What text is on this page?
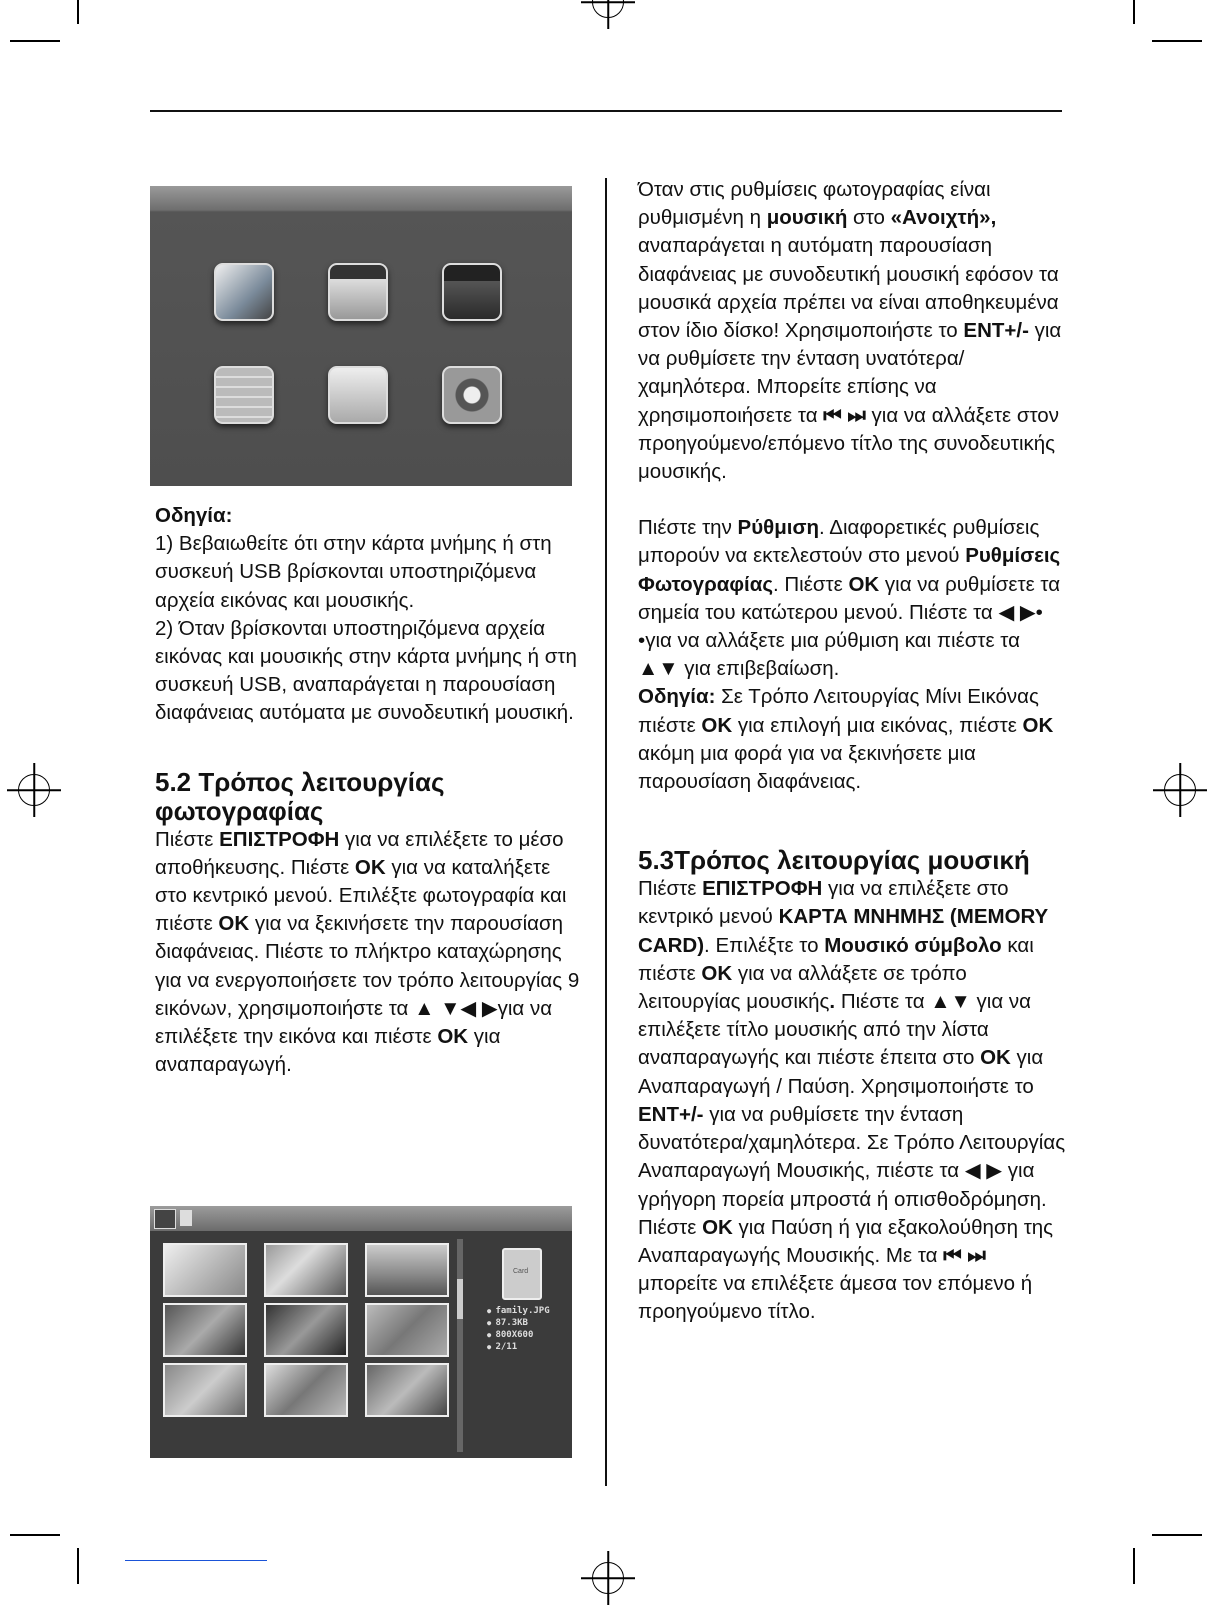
Οδηγία:

1) Βεβαιωθείτε ότι στην κάρτα μνήμης ή στη συσκευή USB βρίσκονται υποστηριζόμενα αρχεία εικόνας και μουσικής.

2) Όταν βρίσκονται υποστηριζόμενα αρχεία εικόνας και μουσικής στην κάρτα μνήμης ή στη συσκευή USB, αναπαράγεται η παρουσίαση διαφάνειας αυτόματα με συνοδευτική μουσική.

5.2 Τρόπος λειτουργίας φωτογραφίας

Πιέστε ΕΠΙΣΤΡΟΦΗ για να επιλέξετε το μέσο αποθήκευσης. Πιέστε OK για να καταλήξετε στο κεντρικό μενού. Επιλέξτε φωτογραφία και πιέστε OK για να ξεκινήσετε την παρουσίαση διαφάνειας. Πιέστε το πλήκτρο καταχώρησης για να ενεργοποιήσετε τον τρόπο λειτουργίας 9 εικόνων, χρησιμοποιήστε τα ▲ ▼◀ ▶για να επιλέξετε την εικόνα και πιέστε OK για αναπαραγωγή.

Card
● family.JPG
● 87.3KB
● 800X600
● 2/11

Όταν στις ρυθμίσεις φωτογραφίας είναι ρυθμισμένη η μουσική στο «Ανοιχτή», αναπαράγεται η αυτόματη παρουσίαση διαφάνειας με συνοδευτική μουσική εφόσον τα μουσικά αρχεία πρέπει να είναι αποθηκευμένα στον ίδιο δίσκο! Χρησιμοποιήστε το ENT+/- για να ρυθμίσετε την ένταση υνατότερα/χαμηλότερα. Μπορείτε επίσης να χρησιμοποιήσετε τα ⏮ ⏭ για να αλλάξετε στον προηγούμενο/επόμενο τίτλο της συνοδευτικής μουσικής.

Πιέστε την Ρύθμιση. Διαφορετικές ρυθμίσεις μπορούν να εκτελεστούν στο μενού Ρυθμίσεις Φωτογραφίας. Πιέστε OK για να ρυθμίσετε τα σημεία του κατώτερου μενού. Πιέστε τα ◀ ▶• •για να αλλάξετε μια ρύθμιση και πιέστε τα ▲▼ για επιβεβαίωση.

Οδηγία: Σε Τρόπο Λειτουργίας Μίνι Εικόνας πιέστε OK για επιλογή μια εικόνας, πιέστε OK ακόμη μια φορά για να ξεκινήσετε μια παρουσίαση διαφάνειας.

5.3Τρόπος λειτουργίας μουσική

Πιέστε ΕΠΙΣΤΡΟΦΗ για να επιλέξετε στο κεντρικό μενού ΚΑΡΤΑ ΜΝΗΜΗΣ (MEMORY CARD). Επιλέξτε το Μουσικό σύμβολο και πιέστε OK για να αλλάξετε σε τρόπο λειτουργίας μουσικής. Πιέστε τα ▲▼ για να επιλέξετε τίτλο μουσικής από την λίστα αναπαραγωγής και πιέστε έπειτα στο OK για Αναπαραγωγή / Παύση. Χρησιμοποιήστε το ENT+/- για να ρυθμίσετε την ένταση δυνατότερα/χαμηλότερα. Σε Τρόπο Λειτουργίας Αναπαραγωγή Μουσικής, πιέστε τα ◀ ▶ για γρήγορη πορεία μπροστά ή οπισθοδρόμηση. Πιέστε OK για Παύση ή για εξακολούθηση της Αναπαραγωγής Μουσικής. Με τα ⏮ ⏭ μπορείτε να επιλέξετε άμεσα τον επόμενο ή προηγούμενο τίτλο.
